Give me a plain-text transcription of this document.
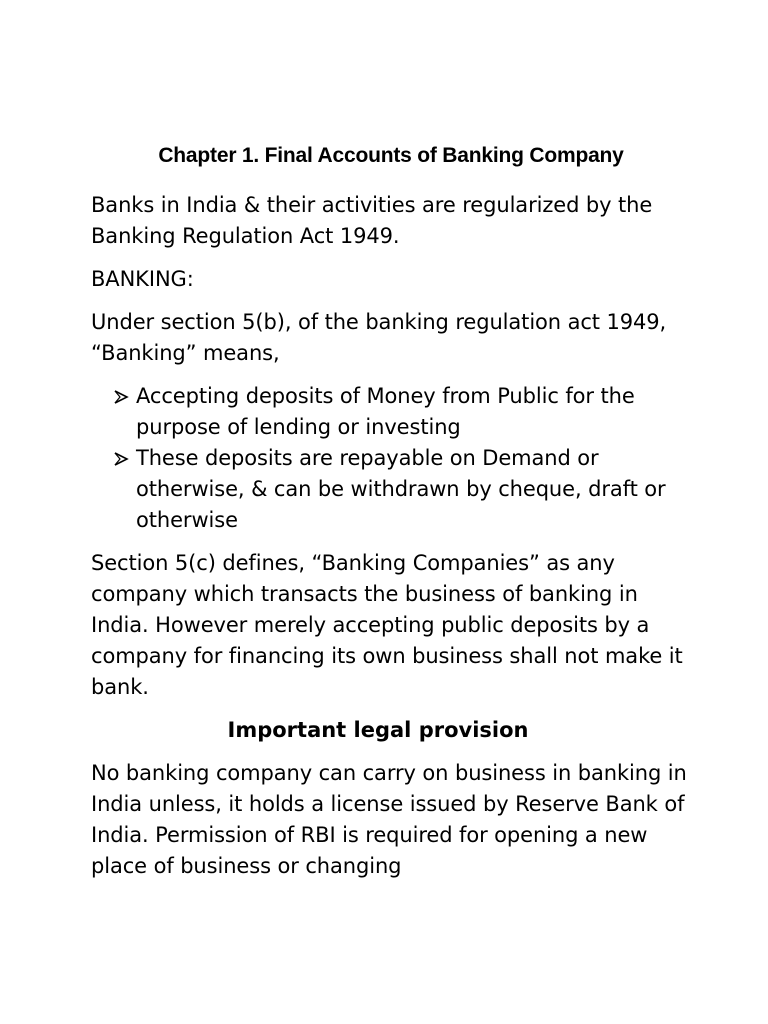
Chapter 1. Final Accounts of Banking Company

Banks in India & their activities are regularized by the Banking Regulation Act 1949.

BANKING:

Under section 5(b), of the banking regulation act 1949, “Banking” means,

Accepting deposits of Money from Public for the purpose of lending or investing
These deposits are repayable on Demand or otherwise, & can be withdrawn by cheque, draft or otherwise

Section 5(c) defines, “Banking Companies” as any company which transacts the business of banking in India. However merely accepting public deposits by a company for financing its own business shall not make it bank.

Important legal provision

No banking company can carry on business in banking in India unless, it holds a license issued by Reserve Bank of India. Permission of RBI is required for opening a new place of business or changing
